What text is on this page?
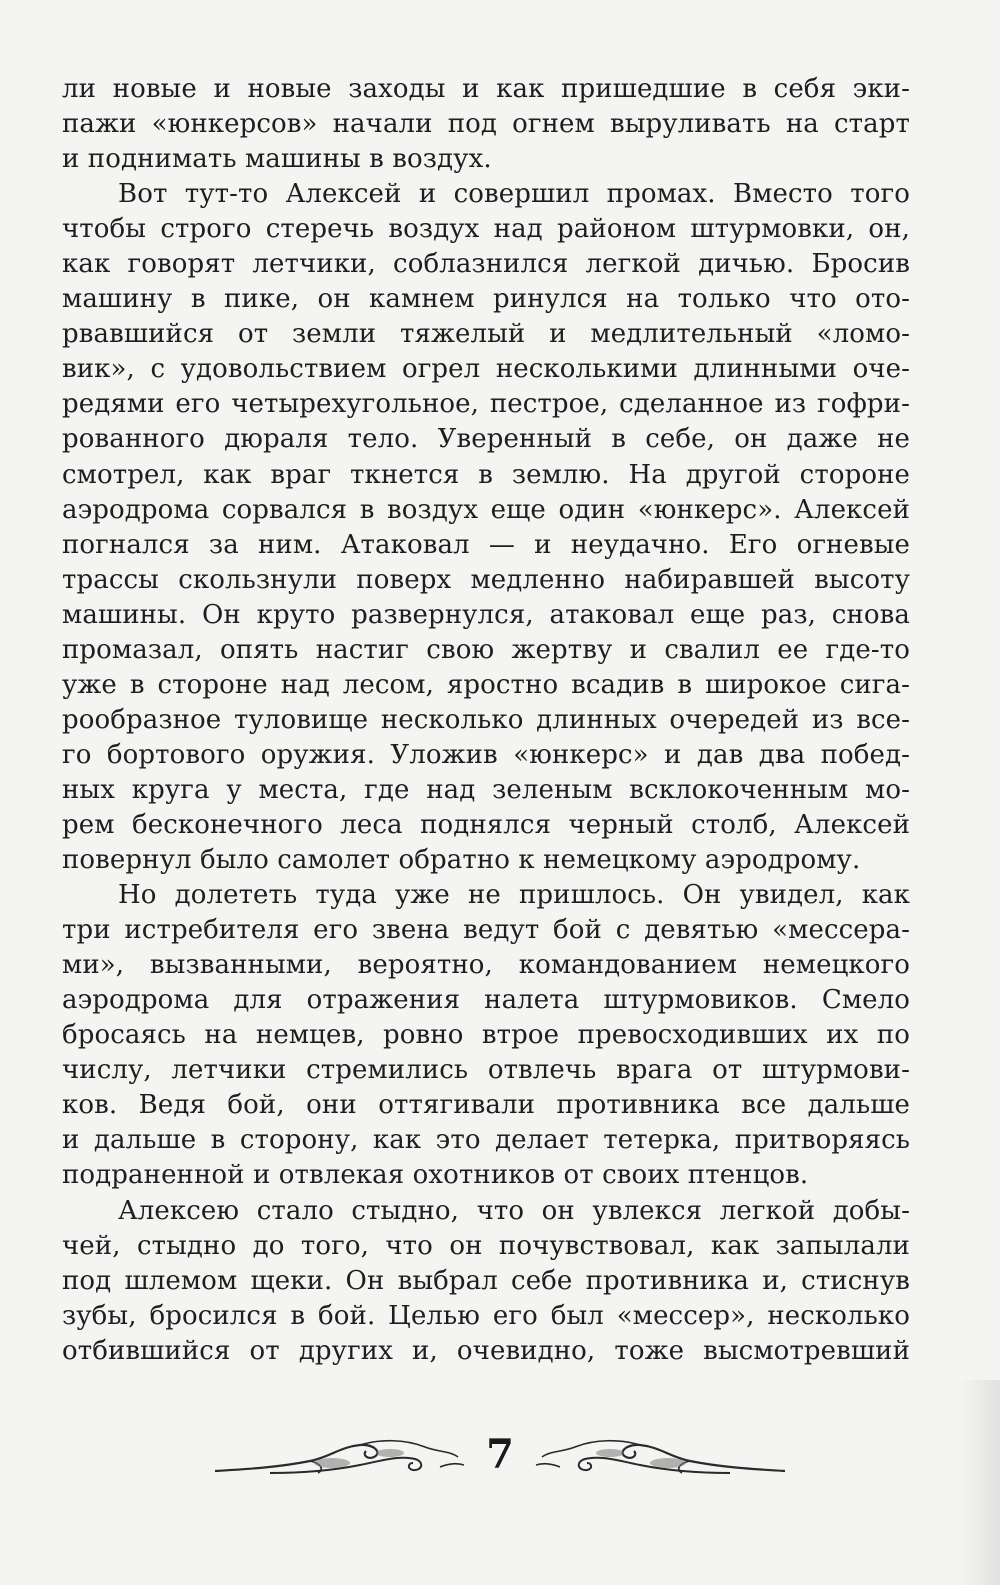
ли новые и новые заходы и как пришедшие в себя эки-
пажи «юнкерсов» начали под огнем выруливать на старт
и поднимать машины в воздух.
Вот тут-то Алексей и совершил промах. Вместо того
чтобы строго стеречь воздух над районом штурмовки, он,
как говорят летчики, соблазнился легкой дичью. Бросив
машину в пике, он камнем ринулся на только что ото-
рвавшийся от земли тяжелый и медлительный «ломо-
вик», с удовольствием огрел несколькими длинными оче-
редями его четырехугольное, пестрое, сделанное из гофри-
рованного дюраля тело. Уверенный в себе, он даже не
смотрел, как враг ткнется в землю. На другой стороне
аэродрома сорвался в воздух еще один «юнкерс». Алексей
погнался за ним. Атаковал — и неудачно. Его огневые
трассы скользнули поверх медленно набиравшей высоту
машины. Он круто развернулся, атаковал еще раз, снова
промазал, опять настиг свою жертву и свалил ее где-то
уже в стороне над лесом, яростно всадив в широкое сига-
рообразное туловище несколько длинных очередей из все-
го бортового оружия. Уложив «юнкерс» и дав два побед-
ных круга у места, где над зеленым всклокоченным мо-
рем бесконечного леса поднялся черный столб, Алексей
повернул было самолет обратно к немецкому аэродрому.
Но долететь туда уже не пришлось. Он увидел, как
три истребителя его звена ведут бой с девятью «мессера-
ми», вызванными, вероятно, командованием немецкого
аэродрома для отражения налета штурмовиков. Смело
бросаясь на немцев, ровно втрое превосходивших их по
числу, летчики стремились отвлечь врага от штурмови-
ков. Ведя бой, они оттягивали противника все дальше
и дальше в сторону, как это делает тетерка, притворяясь
подраненной и отвлекая охотников от своих птенцов.
Алексею стало стыдно, что он увлекся легкой добы-
чей, стыдно до того, что он почувствовал, как запылали
под шлемом щеки. Он выбрал себе противника и, стиснув
зубы, бросился в бой. Целью его был «мессер», несколько
отбившийся от других и, очевидно, тоже высмотревший
7
